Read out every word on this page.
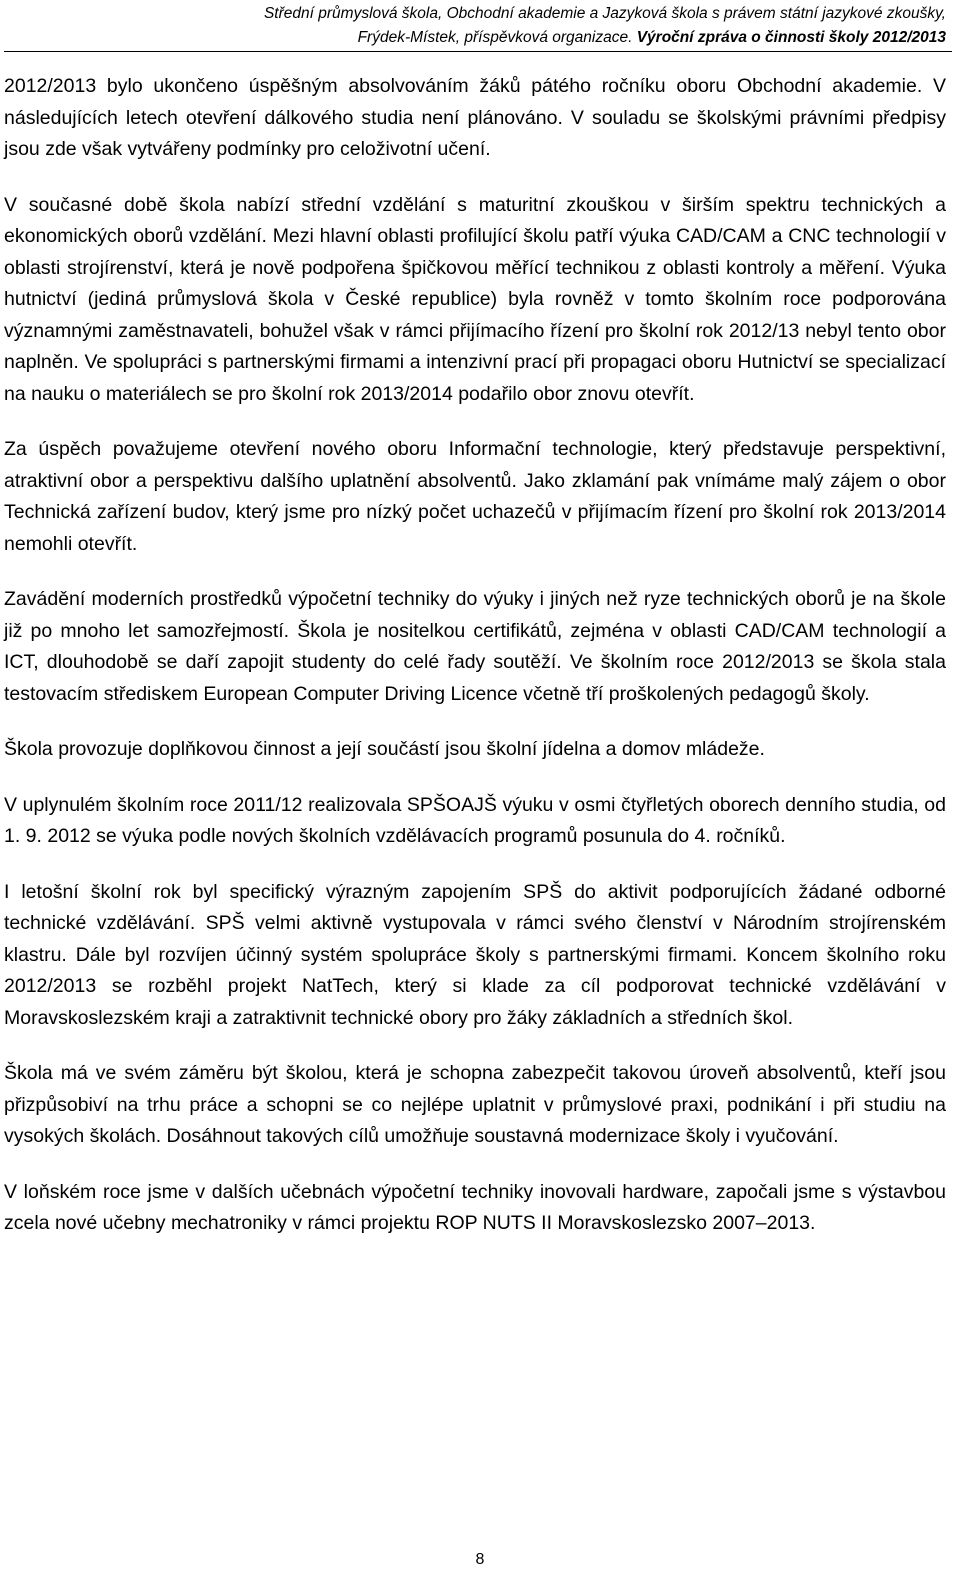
Střední průmyslová škola, Obchodní akademie a Jazyková škola s právem státní jazykové zkoušky,
Frýdek-Místek, příspěvková organizace. Výroční zpráva o činnosti školy 2012/2013

2012/2013 bylo ukončeno úspěšným absolvováním žáků pátého ročníku oboru Obchodní akademie. V následujících letech otevření dálkového studia není plánováno. V souladu se školskými právními předpisy jsou zde však vytvářeny podmínky pro celoživotní učení.

V současné době škola nabízí střední vzdělání s maturitní zkouškou v širším spektru technických a ekonomických oborů vzdělání. Mezi hlavní oblasti profilující školu patří výuka CAD/CAM a CNC technologií v oblasti strojírenství, která je nově podpořena špičkovou měřící technikou z oblasti kontroly a měření. Výuka hutnictví (jediná průmyslová škola v České republice) byla rovněž v tomto školním roce podporována významnými zaměstnavateli, bohužel však v rámci přijímacího řízení pro školní rok 2012/13 nebyl tento obor naplněn. Ve spolupráci s partnerskými firmami a intenzivní prací při propagaci oboru Hutnictví se specializací na nauku o materiálech se pro školní rok 2013/2014 podařilo obor znovu otevřít.

Za úspěch považujeme otevření nového oboru Informační technologie, který představuje perspektivní, atraktivní obor a perspektivu dalšího uplatnění absolventů. Jako zklamání pak vnímáme malý zájem o obor Technická zařízení budov, který jsme pro nízký počet uchazečů v přijímacím řízení pro školní rok 2013/2014 nemohli otevřít.

Zavádění moderních prostředků výpočetní techniky do výuky i jiných než ryze technických oborů je na škole již po mnoho let samozřejmostí. Škola je nositelkou certifikátů, zejména v oblasti CAD/CAM technologií a ICT, dlouhodobě se daří zapojit studenty do celé řady soutěží. Ve školním roce 2012/2013 se škola stala testovacím střediskem European Computer Driving Licence včetně tří proškolených pedagogů školy.

Škola provozuje doplňkovou činnost a její součástí jsou školní jídelna a domov mládeže.

V uplynulém školním roce 2011/12 realizovala SPŠOAJŠ výuku v osmi čtyřletých oborech denního studia, od 1. 9. 2012 se výuka podle nových školních vzdělávacích programů posunula do 4. ročníků.

I letošní školní rok byl specifický výrazným zapojením SPŠ do aktivit podporujících žádané odborné technické vzdělávání. SPŠ velmi aktivně vystupovala v rámci svého členství v Národním strojírenském klastru. Dále byl rozvíjen účinný systém spolupráce školy s partnerskými firmami. Koncem školního roku 2012/2013 se rozběhl projekt NatTech, který si klade za cíl podporovat technické vzdělávání v Moravskoslezském kraji a zatraktivnit technické obory pro žáky základních a středních škol.

Škola má ve svém záměru být školou, která je schopna zabezpečit takovou úroveň absolventů, kteří jsou přizpůsobiví na trhu práce a schopni se co nejlépe uplatnit v průmyslové praxi, podnikání i při studiu na vysokých školách. Dosáhnout takových cílů umožňuje soustavná modernizace školy i vyučování.

V loňském roce jsme v dalších učebnách výpočetní techniky inovovali hardware, započali jsme s výstavbou zcela nové učebny mechatroniky v rámci projektu ROP NUTS II Moravskoslezsko 2007–2013.

8
